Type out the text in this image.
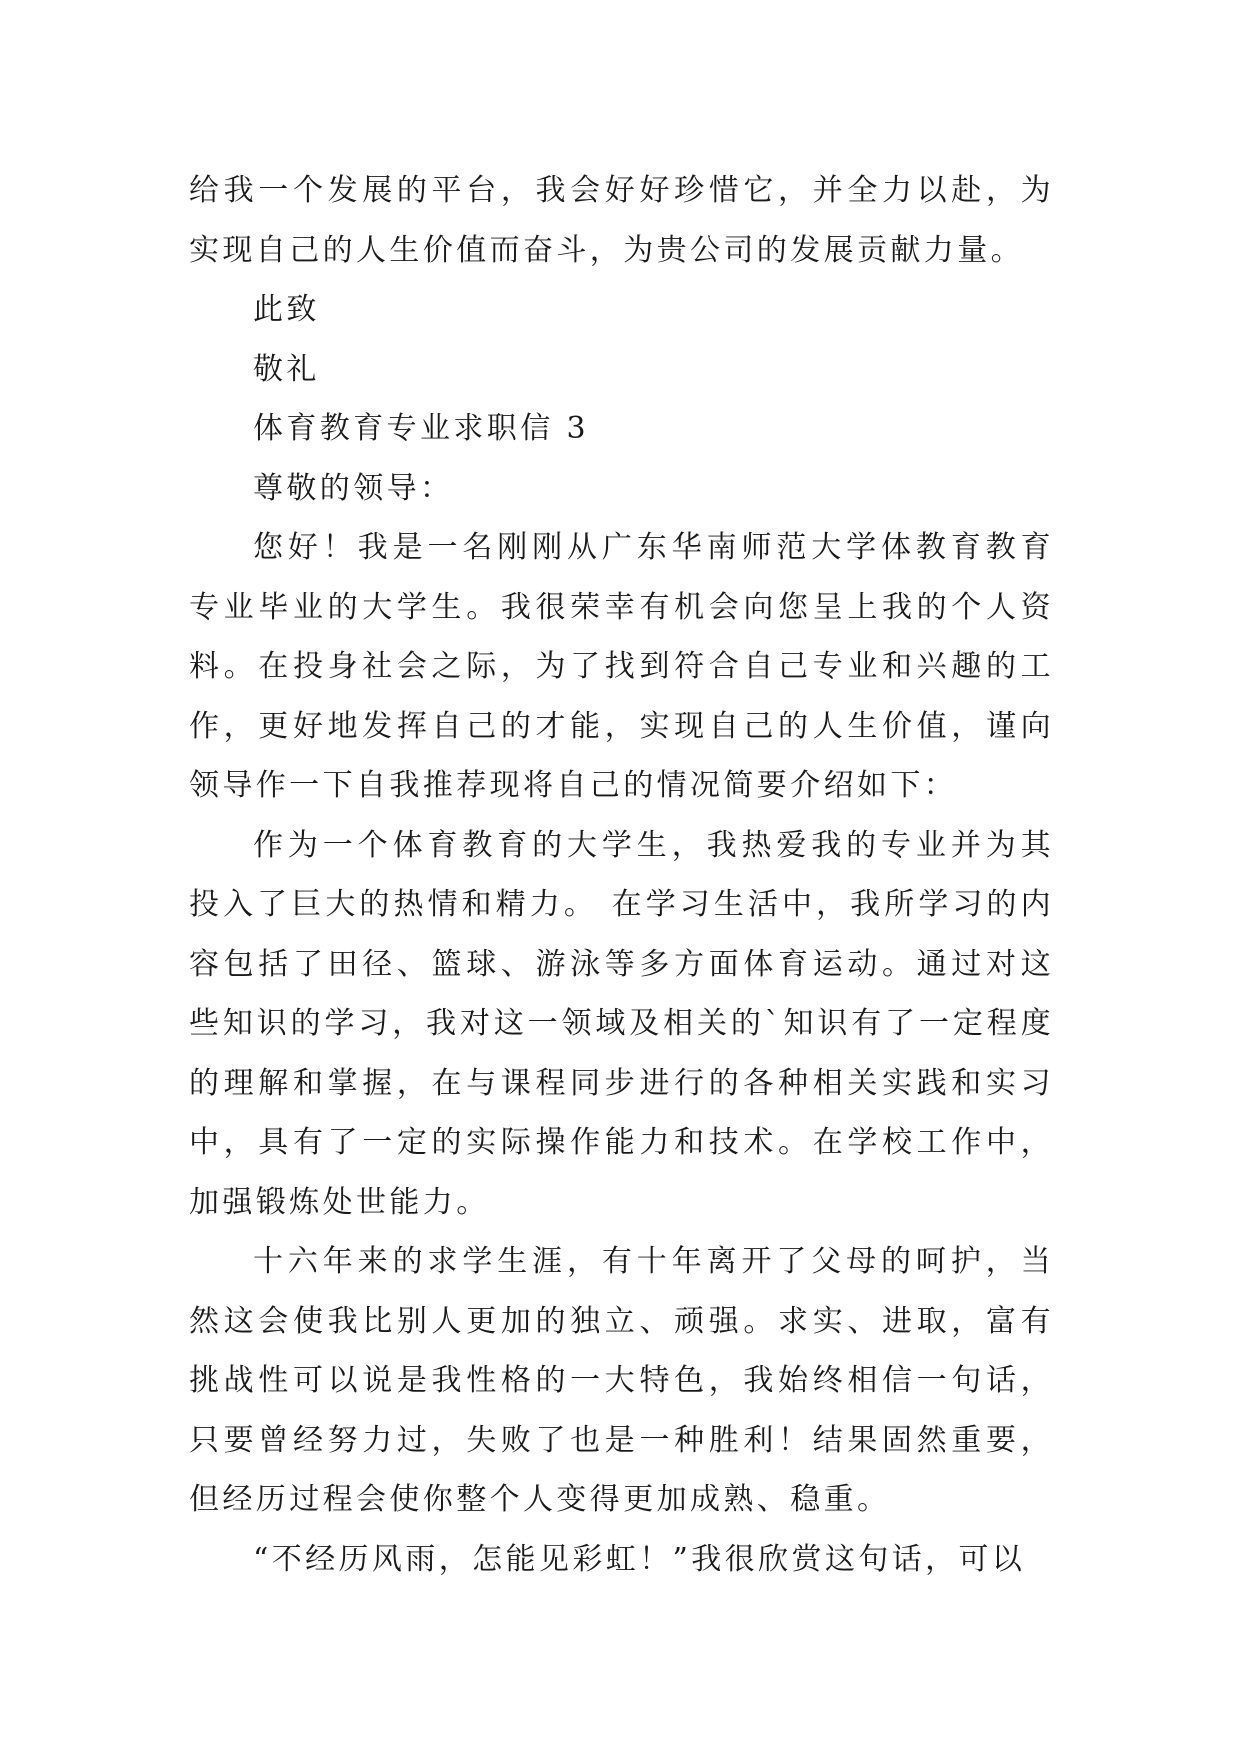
给我一个发展的平台，我会好好珍惜它，并全力以赴，为实现自己的人生价值而奋斗，为贵公司的发展贡献力量。

此致

敬礼

体育教育专业求职信 3

尊敬的领导：

您好！我是一名刚刚从广东华南师范大学体教育教育专业毕业的大学生。我很荣幸有机会向您呈上我的个人资料。在投身社会之际，为了找到符合自己专业和兴趣的工作，更好地发挥自己的才能，实现自己的人生价值，谨向领导作一下自我推荐现将自己的情况简要介绍如下：

作为一个体育教育的大学生，我热爱我的专业并为其投入了巨大的热情和精力。 在学习生活中，我所学习的内容包括了田径、篮球、游泳等多方面体育运动。通过对这些知识的学习，我对这一领域及相关的`知识有了一定程度的理解和掌握，在与课程同步进行的各种相关实践和实习中，具有了一定的实际操作能力和技术。在学校工作中，加强锻炼处世能力。

十六年来的求学生涯，有十年离开了父母的呵护，当然这会使我比别人更加的独立、顽强。求实、进取，富有挑战性可以说是我性格的一大特色，我始终相信一句话，只要曾经努力过，失败了也是一种胜利！结果固然重要，但经历过程会使你整个人变得更加成熟、稳重。

“不经历风雨，怎能见彩虹！”我很欣赏这句话，可以
